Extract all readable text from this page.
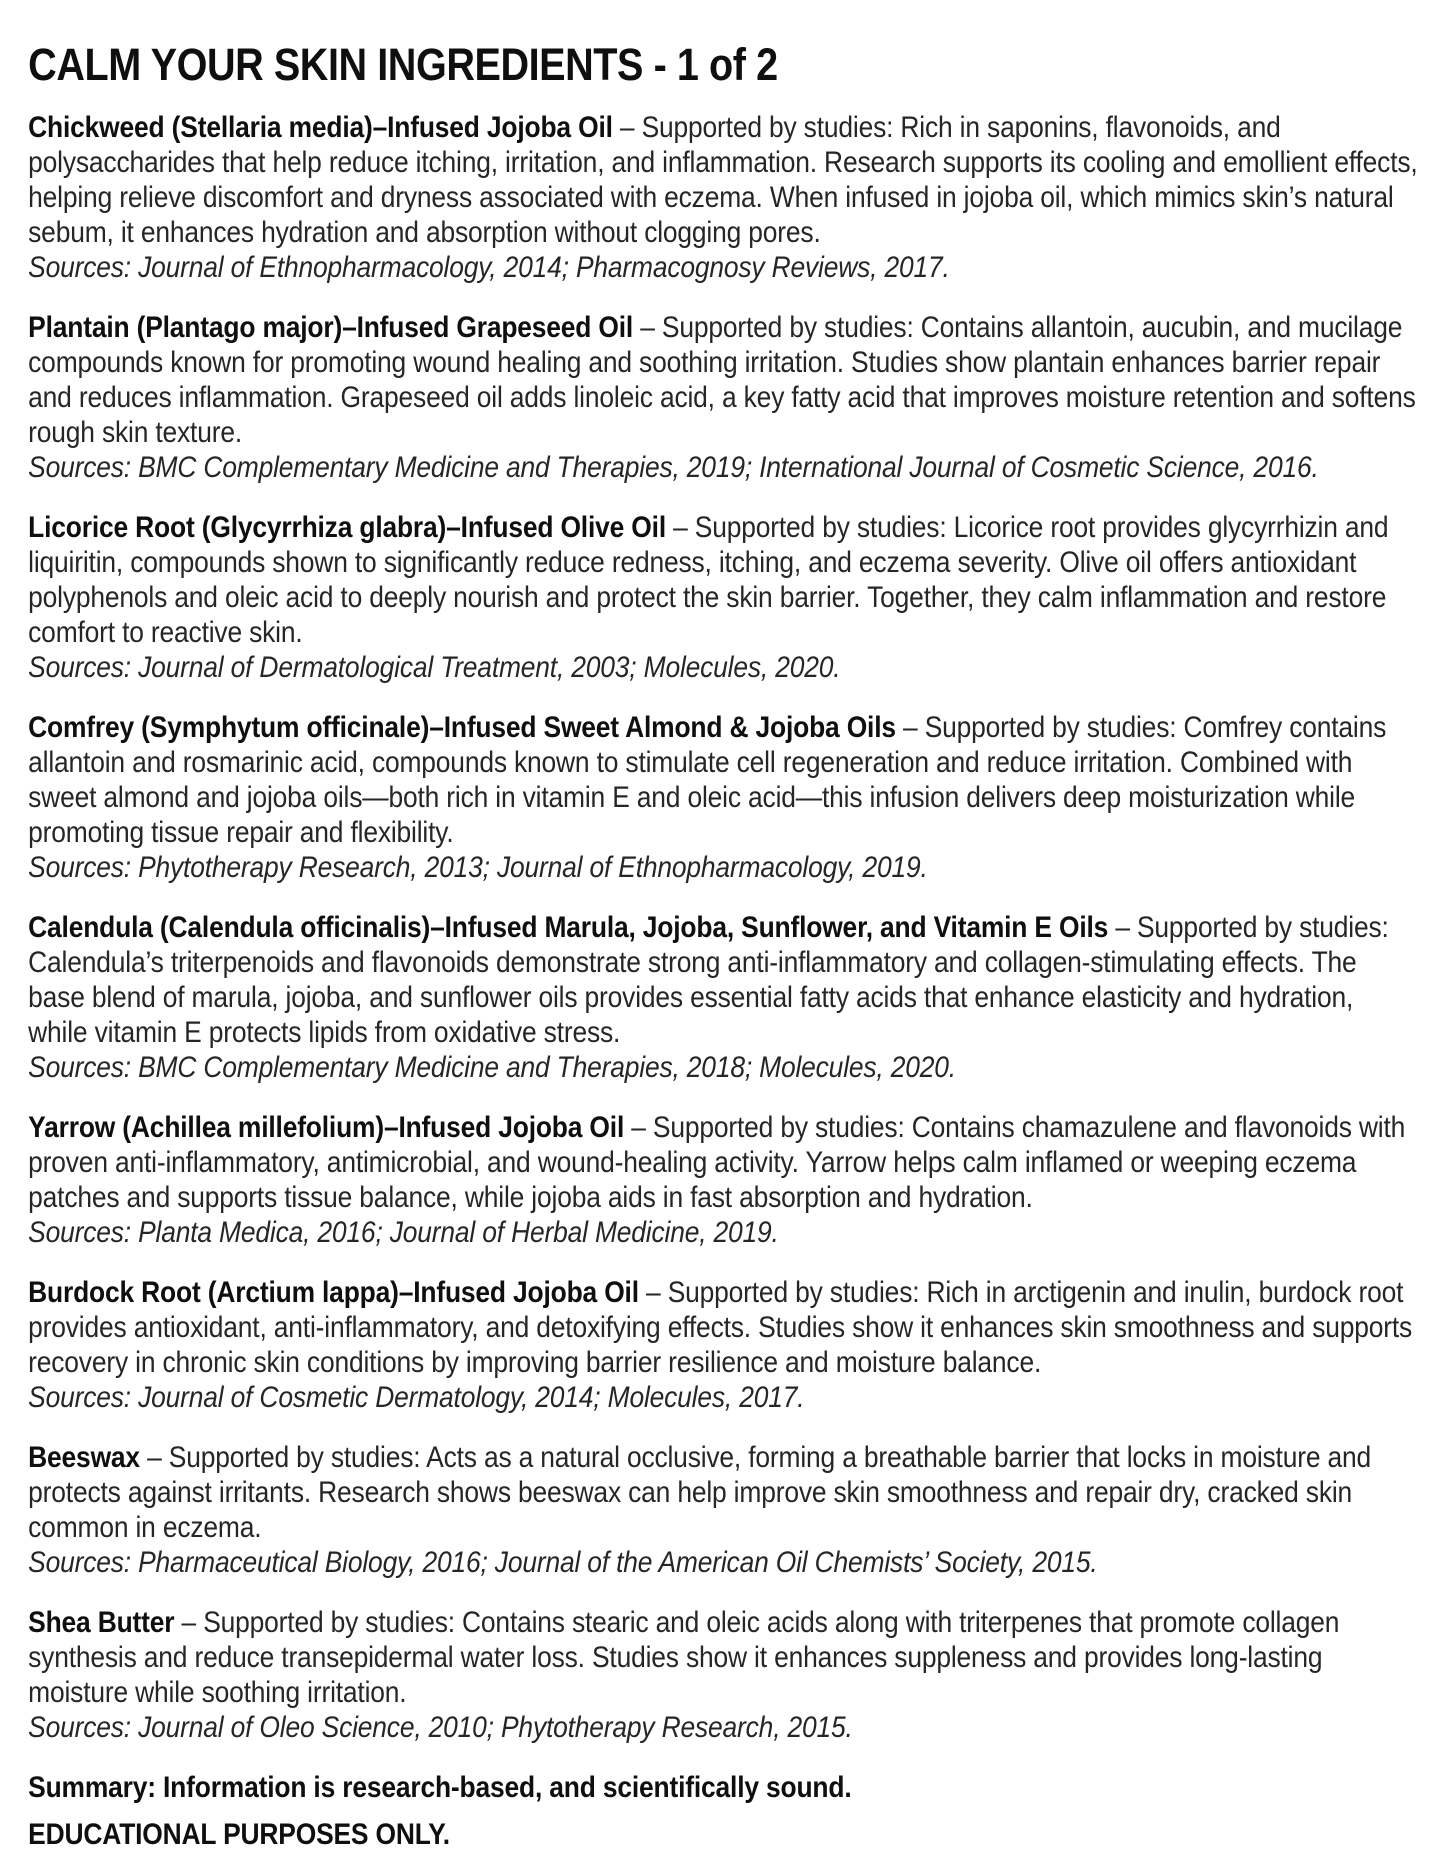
CALM YOUR SKIN INGREDIENTS - 1 of 2

Chickweed (Stellaria media)–Infused Jojoba Oil – Supported by studies: Rich in saponins, flavonoids, and polysaccharides that help reduce itching, irritation, and inflammation. Research supports its cooling and emollient effects, helping relieve discomfort and dryness associated with eczema. When infused in jojoba oil, which mimics skin’s natural sebum, it enhances hydration and absorption without clogging pores.

Sources: Journal of Ethnopharmacology, 2014; Pharmacognosy Reviews, 2017.

Plantain (Plantago major)–Infused Grapeseed Oil – Supported by studies: Contains allantoin, aucubin, and mucilage compounds known for promoting wound healing and soothing irritation. Studies show plantain enhances barrier repair and reduces inflammation. Grapeseed oil adds linoleic acid, a key fatty acid that improves moisture retention and softens rough skin texture.

Sources: BMC Complementary Medicine and Therapies, 2019; International Journal of Cosmetic Science, 2016.

Licorice Root (Glycyrrhiza glabra)–Infused Olive Oil – Supported by studies: Licorice root provides glycyrrhizin and liquiritin, compounds shown to significantly reduce redness, itching, and eczema severity. Olive oil offers antioxidant polyphenols and oleic acid to deeply nourish and protect the skin barrier. Together, they calm inflammation and restore comfort to reactive skin.

Sources: Journal of Dermatological Treatment, 2003; Molecules, 2020.

Comfrey (Symphytum officinale)–Infused Sweet Almond & Jojoba Oils – Supported by studies: Comfrey contains allantoin and rosmarinic acid, compounds known to stimulate cell regeneration and reduce irritation. Combined with sweet almond and jojoba oils—both rich in vitamin E and oleic acid—this infusion delivers deep moisturization while promoting tissue repair and flexibility.

Sources: Phytotherapy Research, 2013; Journal of Ethnopharmacology, 2019.

Calendula (Calendula officinalis)–Infused Marula, Jojoba, Sunflower, and Vitamin E Oils – Supported by studies: Calendula’s triterpenoids and flavonoids demonstrate strong anti-inflammatory and collagen-stimulating effects. The base blend of marula, jojoba, and sunflower oils provides essential fatty acids that enhance elasticity and hydration, while vitamin E protects lipids from oxidative stress.

Sources: BMC Complementary Medicine and Therapies, 2018; Molecules, 2020.

Yarrow (Achillea millefolium)–Infused Jojoba Oil – Supported by studies: Contains chamazulene and flavonoids with proven anti-inflammatory, antimicrobial, and wound-healing activity. Yarrow helps calm inflamed or weeping eczema patches and supports tissue balance, while jojoba aids in fast absorption and hydration.

Sources: Planta Medica, 2016; Journal of Herbal Medicine, 2019.

Burdock Root (Arctium lappa)–Infused Jojoba Oil – Supported by studies: Rich in arctigenin and inulin, burdock root provides antioxidant, anti-inflammatory, and detoxifying effects. Studies show it enhances skin smoothness and supports recovery in chronic skin conditions by improving barrier resilience and moisture balance.

Sources: Journal of Cosmetic Dermatology, 2014; Molecules, 2017.

Beeswax – Supported by studies: Acts as a natural occlusive, forming a breathable barrier that locks in moisture and protects against irritants. Research shows beeswax can help improve skin smoothness and repair dry, cracked skin common in eczema.

Sources: Pharmaceutical Biology, 2016; Journal of the American Oil Chemists’ Society, 2015.

Shea Butter – Supported by studies: Contains stearic and oleic acids along with triterpenes that promote collagen synthesis and reduce transepidermal water loss. Studies show it enhances suppleness and provides long-lasting moisture while soothing irritation.

Sources: Journal of Oleo Science, 2010; Phytotherapy Research, 2015.

Summary: Information is research-based, and scientifically sound.

EDUCATIONAL PURPOSES ONLY.
